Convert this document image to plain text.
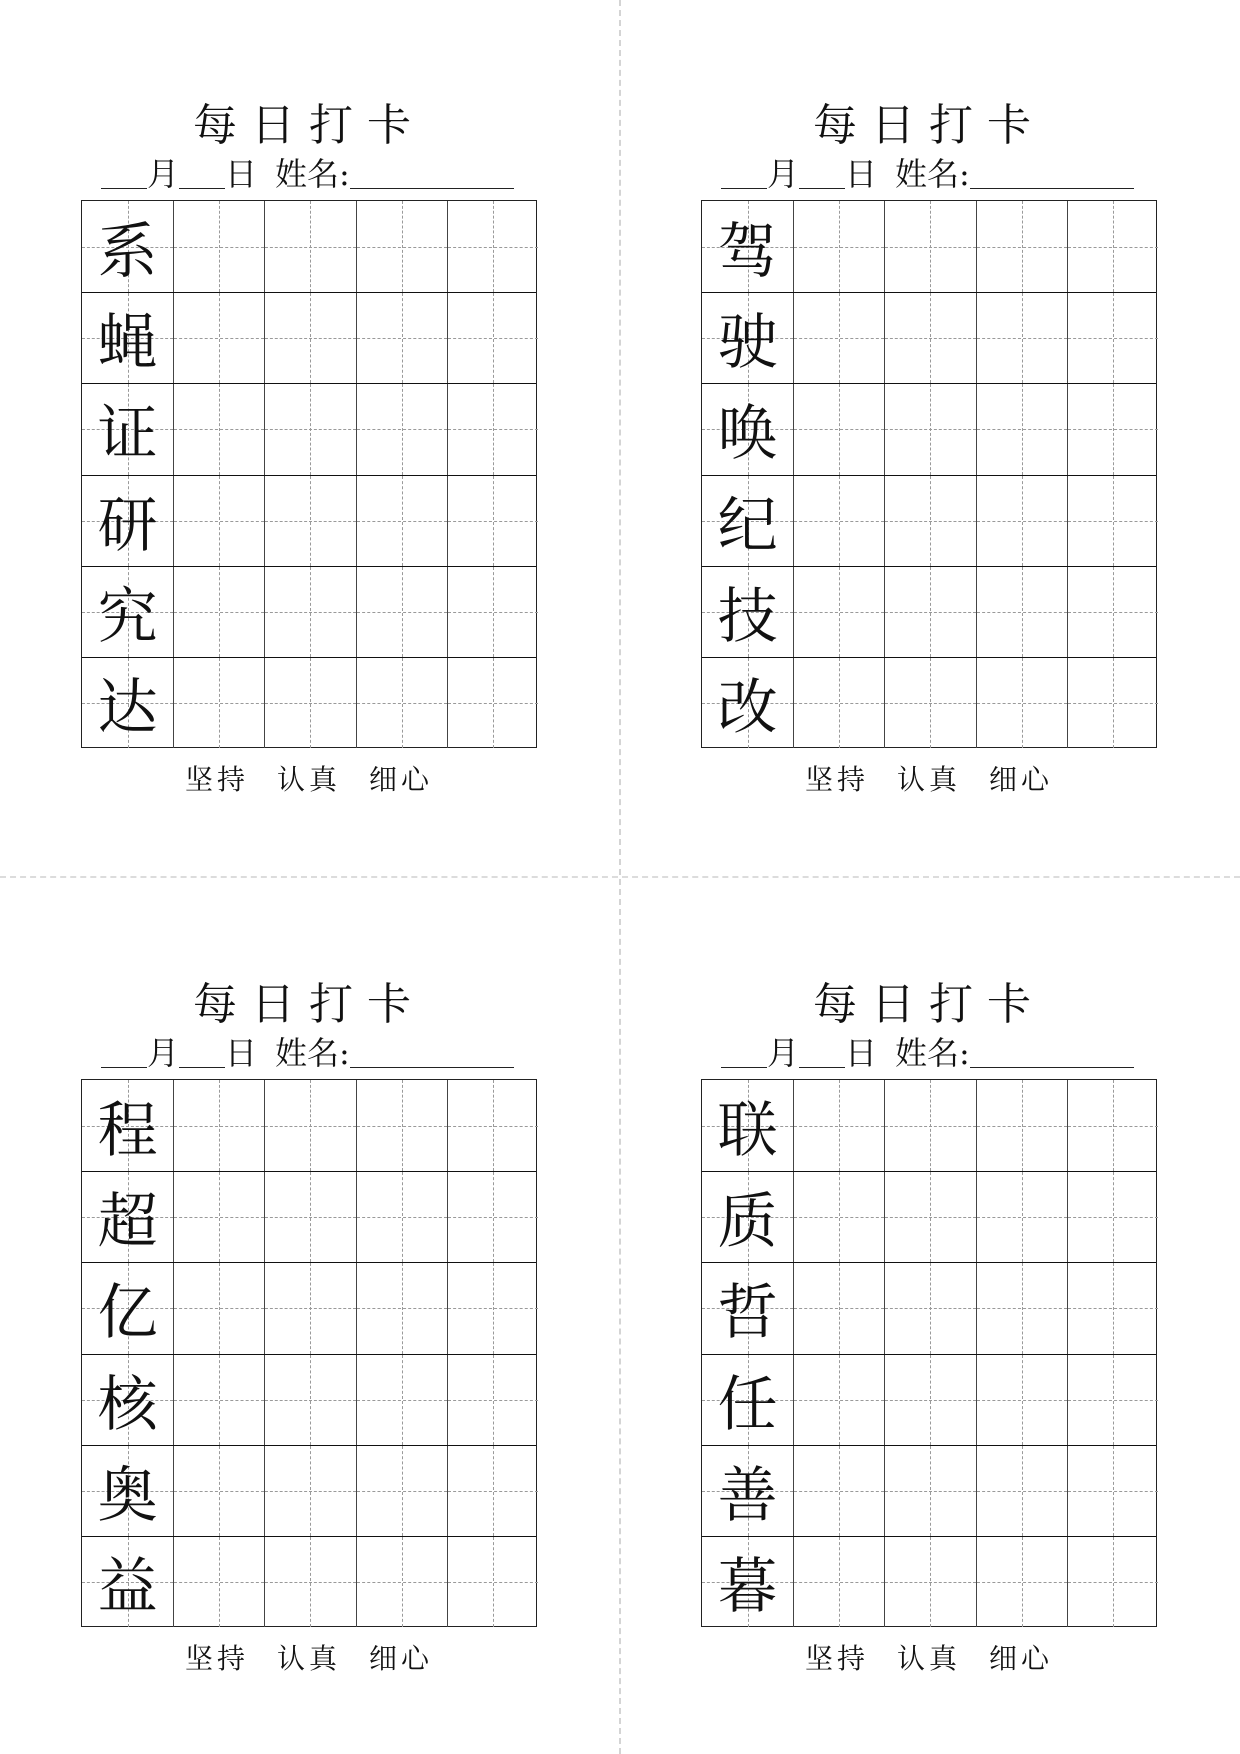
每日打卡
月 日 姓名:
系
蝇
证
研
究
达
坚持 认真 细心
每日打卡
月 日 姓名:
驾
驶
唤
纪
技
改
坚持 认真 细心
每日打卡
月 日 姓名:
程
超
亿
核
奥
益
坚持 认真 细心
每日打卡
月 日 姓名:
联
质
哲
任
善
暮
坚持 认真 细心
